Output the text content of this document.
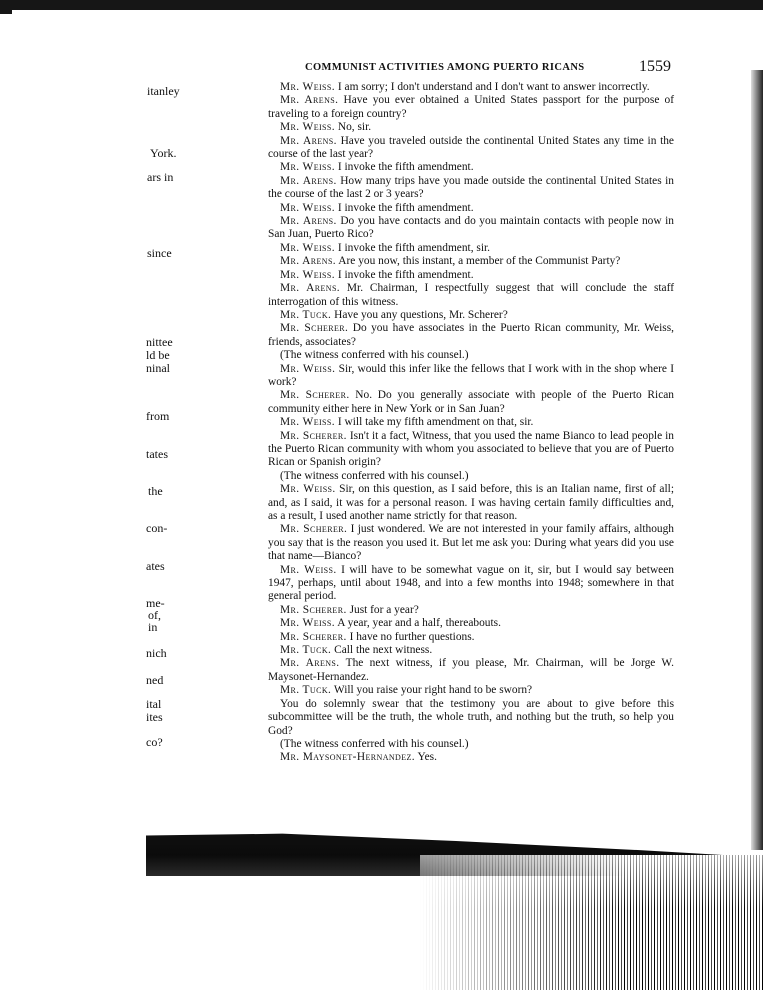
COMMUNIST ACTIVITIES AMONG PUERTO RICANS	1559
itanley
York.
ars in
since
nittee
ld be
ninal
from
tates
the
con-
ates
me-
of,
in
nich
ned
ital
ites
co?

Mr. Weiss. I am sorry; I don't understand and I don't want to answer incorrectly.

Mr. Arens. Have you ever obtained a United States passport for the purpose of traveling to a foreign country?

Mr. Weiss. No, sir.

Mr. Arens. Have you traveled outside the continental United States any time in the course of the last year?

Mr. Weiss. I invoke the fifth amendment.

Mr. Arens. How many trips have you made outside the continental United States in the course of the last 2 or 3 years?

Mr. Weiss. I invoke the fifth amendment.

Mr. Arens. Do you have contacts and do you maintain contacts with people now in San Juan, Puerto Rico?

Mr. Weiss. I invoke the fifth amendment, sir.

Mr. Arens. Are you now, this instant, a member of the Communist Party?

Mr. Weiss. I invoke the fifth amendment.

Mr. Arens. Mr. Chairman, I respectfully suggest that will conclude the staff interrogation of this witness.

Mr. Tuck. Have you any questions, Mr. Scherer?

Mr. Scherer. Do you have associates in the Puerto Rican community, Mr. Weiss, friends, associates?

(The witness conferred with his counsel.)

Mr. Weiss. Sir, would this infer like the fellows that I work with in the shop where I work?

Mr. Scherer. No. Do you generally associate with people of the Puerto Rican community either here in New York or in San Juan?

Mr. Weiss. I will take my fifth amendment on that, sir.

Mr. Scherer. Isn't it a fact, Witness, that you used the name Bianco to lead people in the Puerto Rican community with whom you associated to believe that you are of Puerto Rican or Spanish origin?

(The witness conferred with his counsel.)

Mr. Weiss. Sir, on this question, as I said before, this is an Italian name, first of all; and, as I said, it was for a personal reason. I was having certain family difficulties and, as a result, I used another name strictly for that reason.

Mr. Scherer. I just wondered. We are not interested in your family affairs, although you say that is the reason you used it. But let me ask you: During what years did you use that name—Bianco?

Mr. Weiss. I will have to be somewhat vague on it, sir, but I would say between 1947, perhaps, until about 1948, and into a few months into 1948; somewhere in that general period.

Mr. Scherer. Just for a year?

Mr. Weiss. A year, year and a half, thereabouts.

Mr. Scherer. I have no further questions.

Mr. Tuck. Call the next witness.

Mr. Arens. The next witness, if you please, Mr. Chairman, will be Jorge W. Maysonet-Hernandez.

Mr. Tuck. Will you raise your right hand to be sworn?

You do solemnly swear that the testimony you are about to give before this subcommittee will be the truth, the whole truth, and nothing but the truth, so help you God?

(The witness conferred with his counsel.)

Mr. Maysonet-Hernandez. Yes.
